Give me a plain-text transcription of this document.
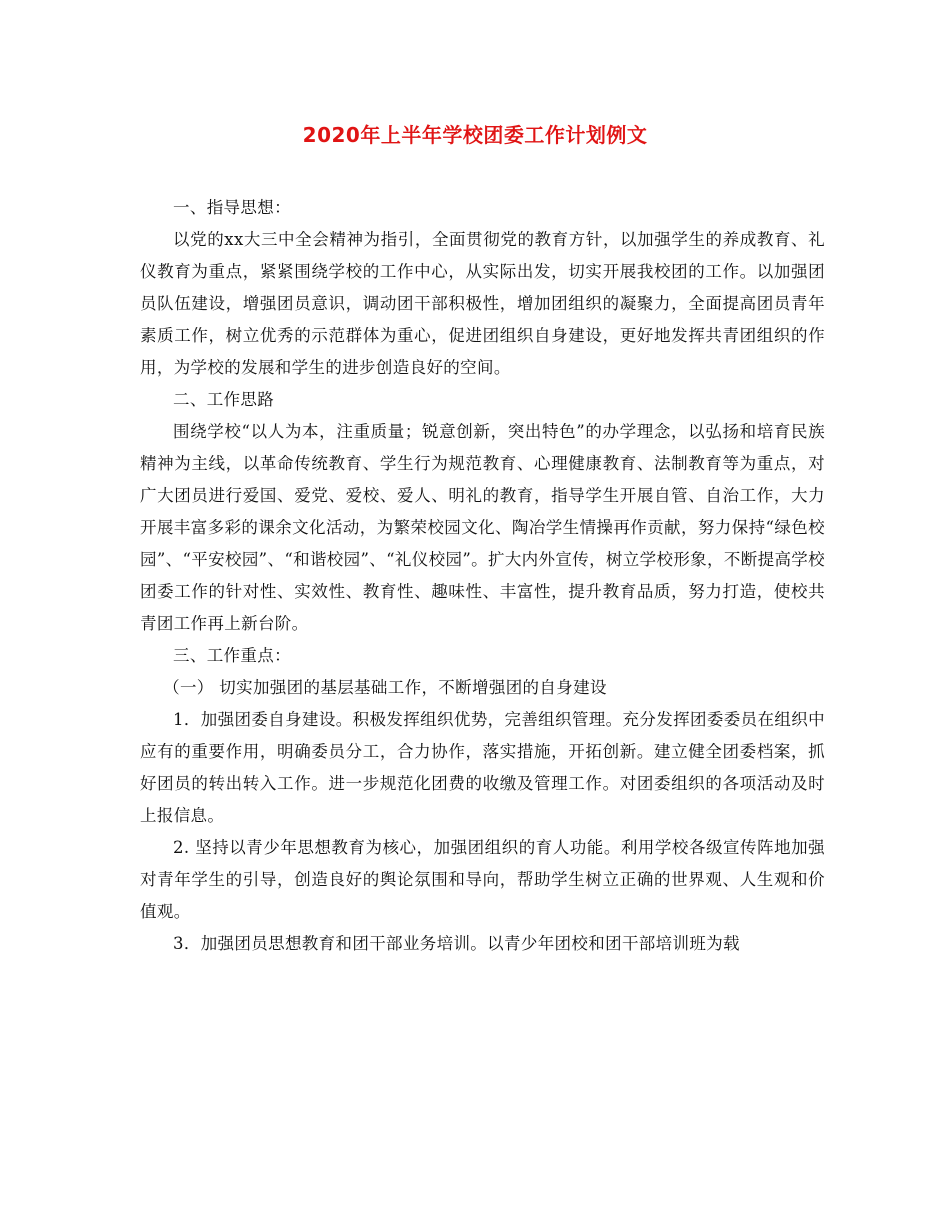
2020年上半年学校团委工作计划例文

一、指导思想：

以党的xx大三中全会精神为指引，全面贯彻党的教育方针，以加强学生的养成教育、礼仪教育为重点，紧紧围绕学校的工作中心，从实际出发，切实开展我校团的工作。以加强团员队伍建设，增强团员意识，调动团干部积极性，增加团组织的凝聚力，全面提高团员青年素质工作，树立优秀的示范群体为重心，促进团组织自身建设，更好地发挥共青团组织的作用，为学校的发展和学生的进步创造良好的空间。

二、工作思路

围绕学校“以人为本，注重质量；锐意创新，突出特色”的办学理念，以弘扬和培育民族精神为主线，以革命传统教育、学生行为规范教育、心理健康教育、法制教育等为重点，对广大团员进行爱国、爱党、爱校、爱人、明礼的教育，指导学生开展自管、自治工作，大力开展丰富多彩的课余文化活动，为繁荣校园文化、陶冶学生情操再作贡献，努力保持“绿色校园”、“平安校园”、“和谐校园”、“礼仪校园”。扩大内外宣传，树立学校形象，不断提高学校团委工作的针对性、实效性、教育性、趣味性、丰富性，提升教育品质，努力打造，使校共青团工作再上新台阶。

三、工作重点：

（一） 切实加强团的基层基础工作，不断增强团的自身建设

1．加强团委自身建设。积极发挥组织优势，完善组织管理。充分发挥团委委员在组织中应有的重要作用，明确委员分工，合力协作，落实措施，开拓创新。建立健全团委档案，抓好团员的转出转入工作。进一步规范化团费的收缴及管理工作。对团委组织的各项活动及时上报信息。

2. 坚持以青少年思想教育为核心，加强团组织的育人功能。利用学校各级宣传阵地加强对青年学生的引导，创造良好的舆论氛围和导向，帮助学生树立正确的世界观、人生观和价值观。

3．加强团员思想教育和团干部业务培训。以青少年团校和团干部培训班为载
